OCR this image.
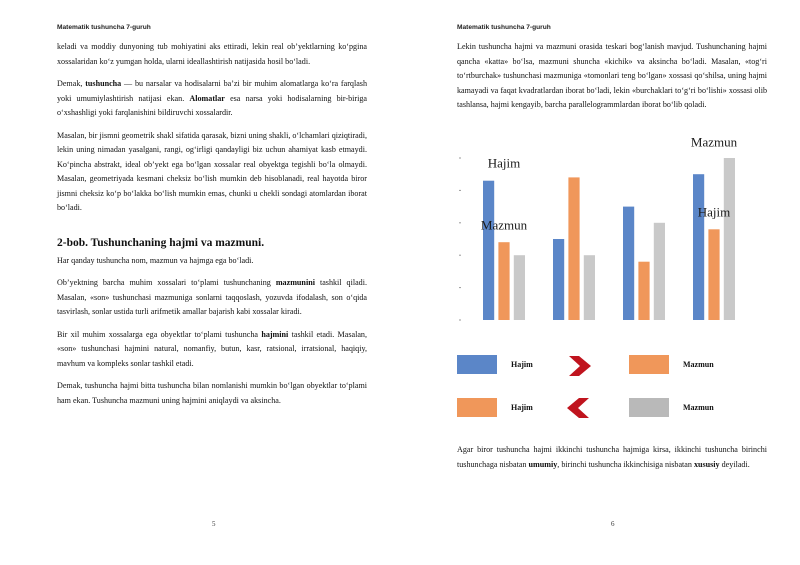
Matematik tushuncha 7-guruh

keladi va moddiy dunyoning tub mohiyatini aks ettiradi, lekin real ob’yektlarning ko‘pgina xossalaridan ko‘z yumgan holda, ularni ideallashtirish natijasida hosil bo‘ladi.

Demak, tushuncha — bu narsalar va hodisalarni ba’zi bir muhim alomatlarga ko‘ra farqlash yoki umumiylashtirish natijasi ekan. Alomatlar esa narsa yoki hodisalarning bir-biriga o‘xshashligi yoki farqlanishini bildiruvchi xossalardir.

Masalan, bir jismni geometrik shakl sifatida qarasak, bizni uning shakli, o‘lchamlari qiziqtiradi, lekin uning nimadan yasalgani, rangi, og‘irligi qandayligi biz uchun ahamiyat kasb etmaydi. Ko‘pincha abstrakt, ideal ob’yekt ega bo‘lgan xossalar real obyektga tegishli bo‘la olmaydi. Masalan, geometriyada kesmani cheksiz bo‘lish mumkin deb hisoblanadi, real hayotda biror jismni cheksiz ko‘p bo‘lakka bo‘lish mumkin emas, chunki u chekli sondagi atomlardan iborat bo‘ladi.

2-bob. Tushunchaning hajmi va mazmuni.

Har qanday tushuncha nom, mazmun va hajmga ega bo‘ladi.

Ob’yektning barcha muhim xossalari to‘plami tushunchaning mazmunini tashkil qiladi. Masalan, «son» tushunchasi mazmuniga sonlarni taqqoslash, yozuvda ifodalash, son o‘qida tasvirlash, sonlar ustida turli arifmetik amallar bajarish kabi xossalar kiradi.

Bir xil muhim xossalarga ega obyektlar to‘plami tushuncha hajmini tashkil etadi. Masalan, «son» tushunchasi hajmini natural, nomanfiy, butun, kasr, ratsional, irratsional, haqiqiy, mavhum va kompleks sonlar tashkil etadi.

Demak, tushuncha hajmi bitta tushuncha bilan nomlanishi mumkin bo‘lgan obyektlar to‘plami ham ekan. Tushuncha mazmuni uning hajmini aniqlaydi va aksincha.

5
Matematik tushuncha 7-guruh

Lekin tushuncha hajmi va mazmuni orasida teskari bog‘lanish mavjud. Tushunchaning hajmi qancha «katta» bo‘lsa, mazmuni shuncha «kichik» va aksincha bo‘ladi. Masalan, «tog‘ri to‘rtburchak» tushunchasi mazmuniga «tomonlari teng bo‘lgan» xossasi qo‘shilsa, uning hajmi kamayadi va faqat kvadratlardan iborat bo‘ladi, lekin «burchaklari to‘g‘ri bo‘lishi» xossasi olib tashlansa, hajmi kengayib, barcha parallelogrammlardan iborat bo‘lib qoladi.

Hajim
Mazmun
Mazmun
Hajim
Hajim	Mazmun
Hajim	Mazmun

Agar biror tushuncha hajmi ikkinchi tushuncha hajmiga kirsa, ikkinchi tushuncha birinchi tushunchaga nisbatan umumiy, birinchi tushuncha ikkinchisiga nisbatan xususiy deyiladi.

6
